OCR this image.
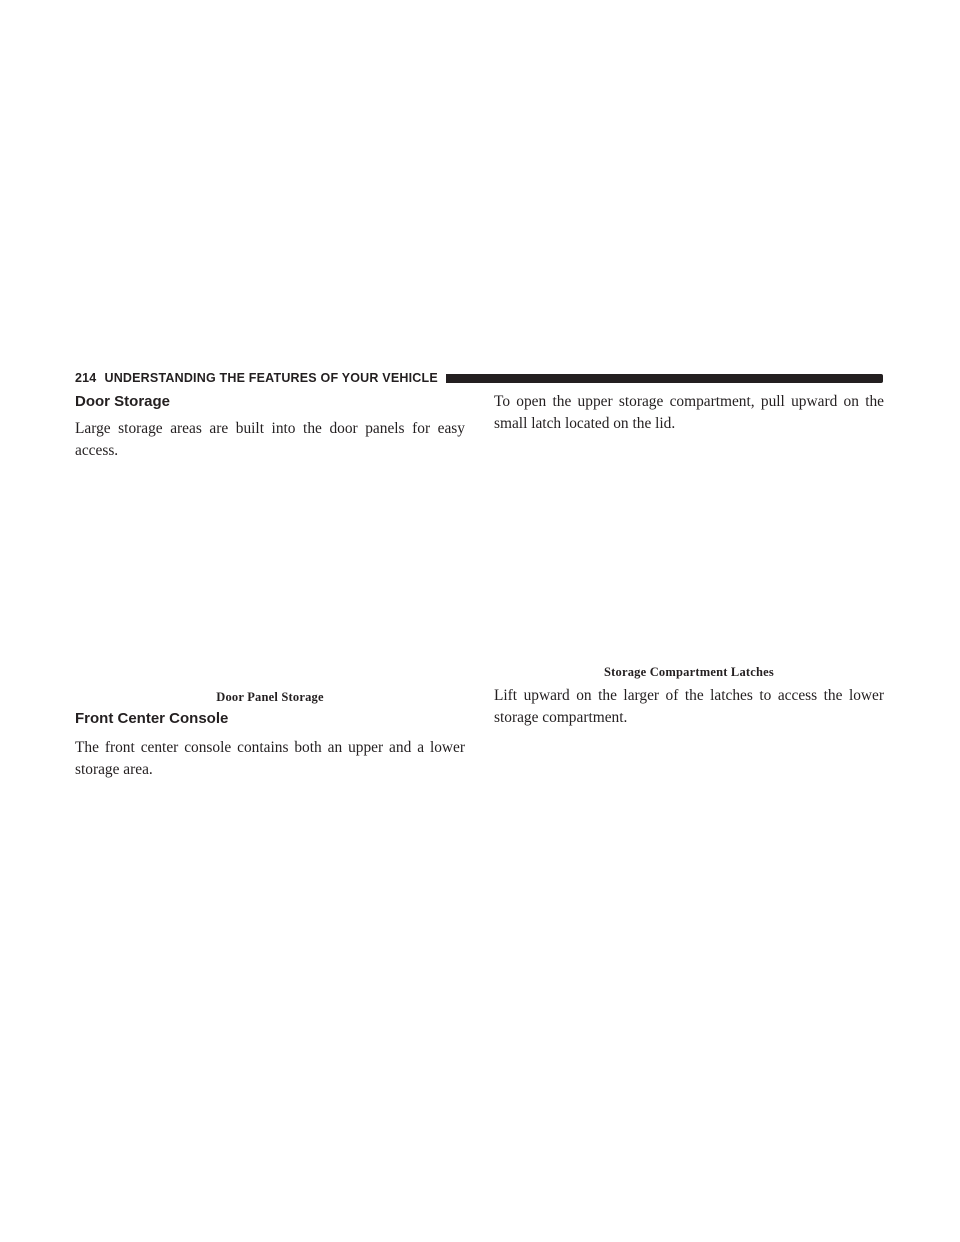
214 UNDERSTANDING THE FEATURES OF YOUR VEHICLE
Door Storage

Large storage areas are built into the door panels for easy access.

Door Panel Storage
Front Center Console

The front center console contains both an upper and a lower storage area.

To open the upper storage compartment, pull upward on the small latch located on the lid.

Storage Compartment Latches

Lift upward on the larger of the latches to access the lower storage compartment.
